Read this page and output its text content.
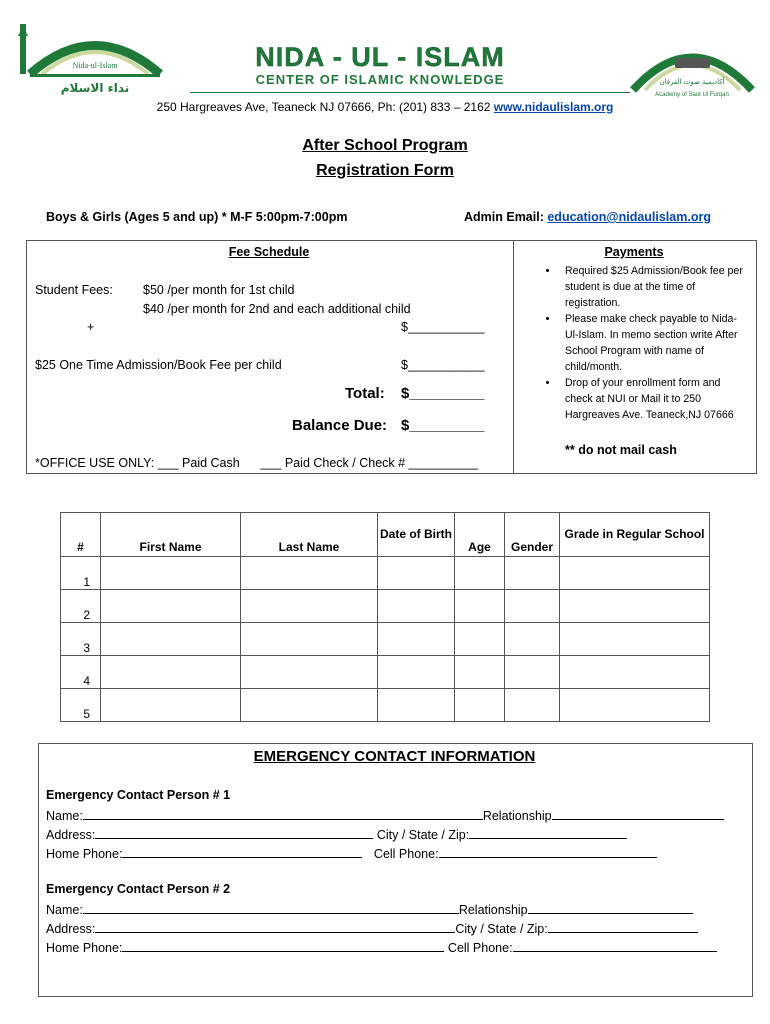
Nida-ul-Islam
ﻧﺪﺍﺀ ﺍﻻﺳﻼﻡ
NIDA - UL - ISLAM
CENTER OF ISLAMIC KNOWLEDGE	ﺃﻛﺎﺩﻳﻤﻴﺔ ﺻﻮﺕ ﺍﻟﻔﺮﻗﺎﻥ
Academy of Saut Ul Furqan
250 Hargreaves Ave, Teaneck NJ 07666, Ph: (201) 833 – 2162 www.nidaulislam.org
After School Program
Registration Form
Boys & Girls (Ages 5 and up) * M-F 5:00pm-7:00pm	Admin Email: education@nidaulislam.org
Fee Schedule
Student Fees: $50 /per month for 1st child
$40 /per month for 2nd and each additional child
+	$___________
$25 One Time Admission/Book Fee per child	$___________
Total: $_________
Balance Due: $_________
*OFFICE USE ONLY: ___ Paid Cash      ___ Paid Check / Check # __________
Payments
• Required $25 Admission/Book fee per student is due at the time of registration.
• Please make check payable to Nida-Ul-Islam. In memo section write After School Program with name of child/month.
• Drop of your enrollment form and check at NUI or Mail it to 250 Hargreaves Ave. Teaneck,NJ 07666
** do not mail cash
#	First Name	Last Name	Date of Birth	Age	Gender	Grade in Regular School
1						
2						
3						
4						
5						
EMERGENCY CONTACT INFORMATION
Emergency Contact Person # 1
Name:	Relationship
Address:	City / State / Zip:
Home Phone:	Cell Phone:
Emergency Contact Person # 2
Name:	Relationship
Address:	City / State / Zip:
Home Phone:	Cell Phone:
